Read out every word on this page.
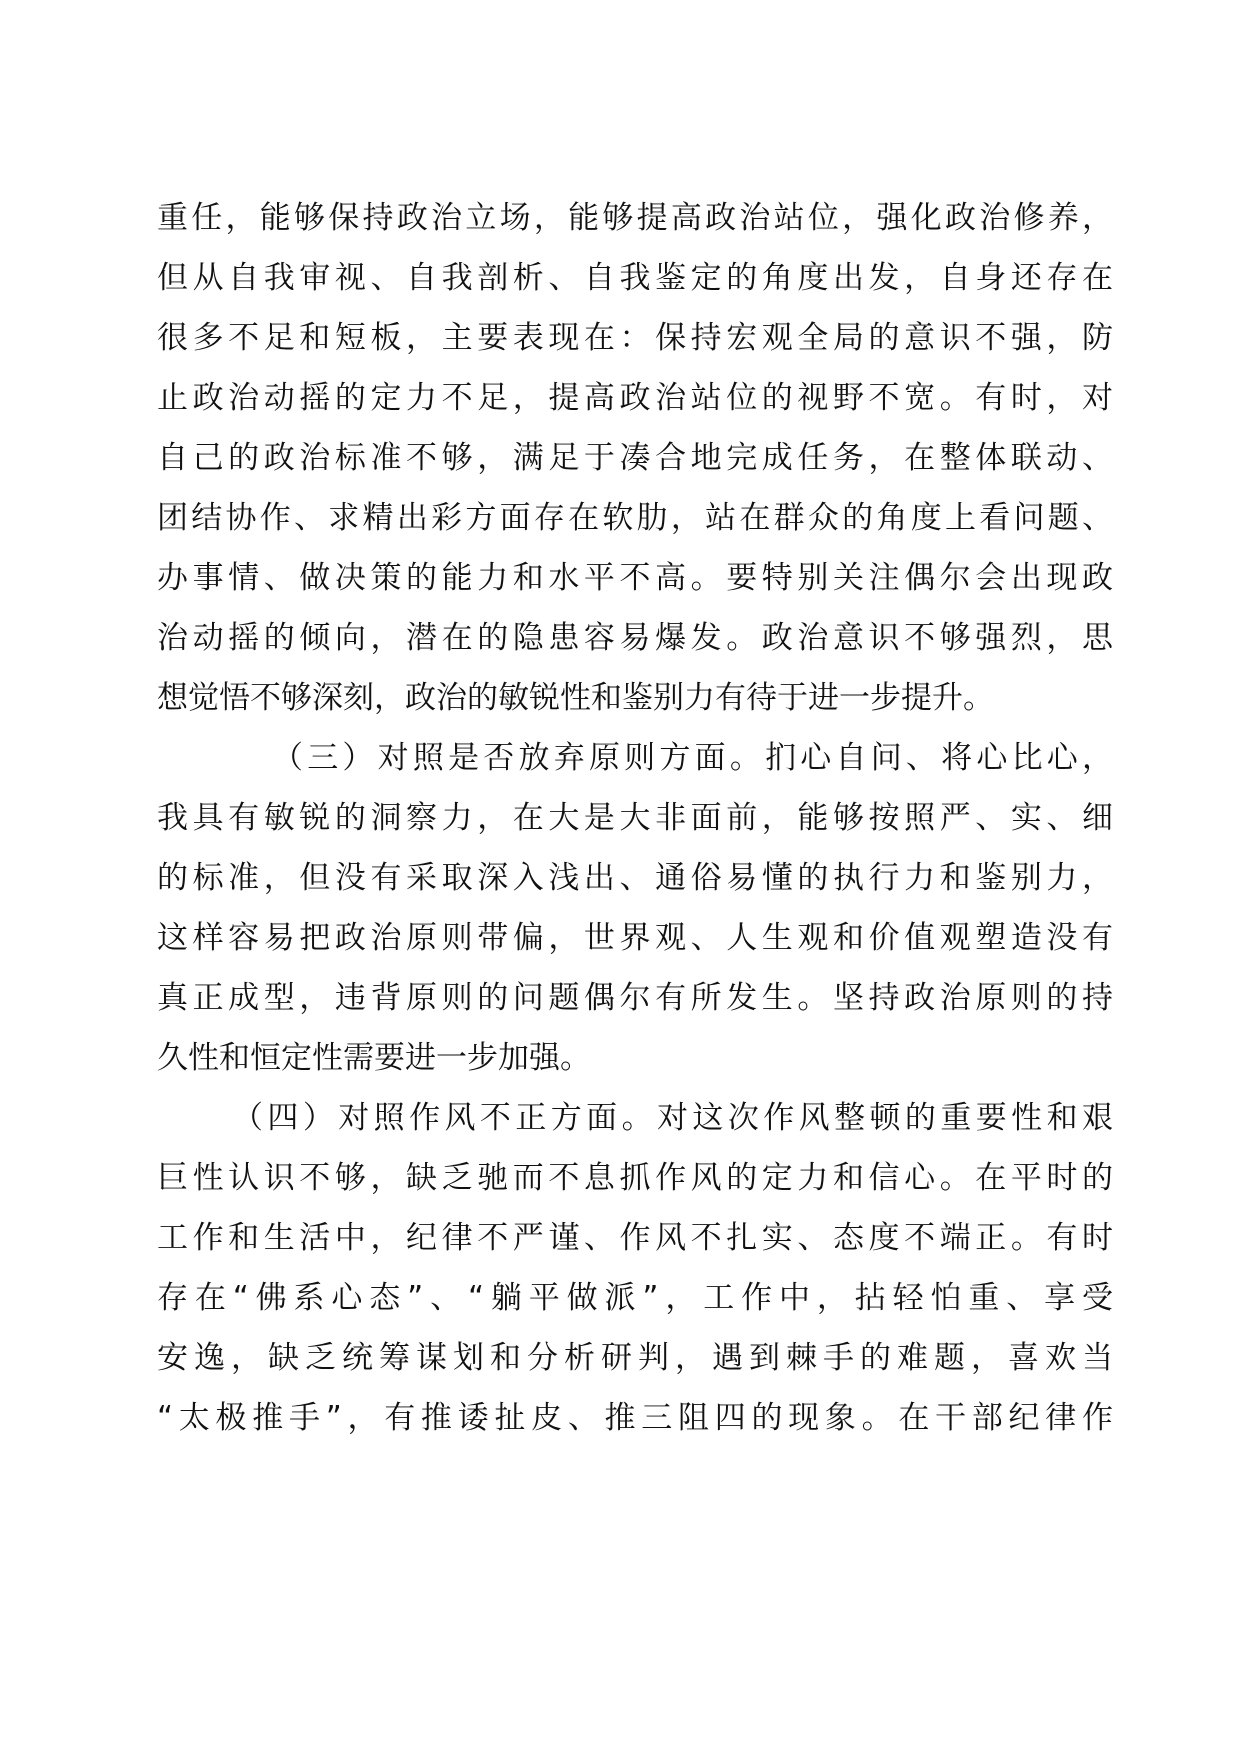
重任，能够保持政治立场，能够提高政治站位，强化政治修养，
但从自我审视、自我剖析、自我鉴定的角度出发，自身还存在
很多不足和短板，主要表现在：保持宏观全局的意识不强，防
止政治动摇的定力不足，提高政治站位的视野不宽。有时，对
自己的政治标准不够，满足于凑合地完成任务，在整体联动、
团结协作、求精出彩方面存在软肋，站在群众的角度上看问题、
办事情、做决策的能力和水平不高。要特别关注偶尔会出现政
治动摇的倾向，潜在的隐患容易爆发。政治意识不够强烈，思
想觉悟不够深刻，政治的敏锐性和鉴别力有待于进一步提升。
（三）对照是否放弃原则方面。扪心自问、将心比心，
我具有敏锐的洞察力，在大是大非面前，能够按照严、实、细
的标准，但没有采取深入浅出、通俗易懂的执行力和鉴别力，
这样容易把政治原则带偏，世界观、人生观和价值观塑造没有
真正成型，违背原则的问题偶尔有所发生。坚持政治原则的持
久性和恒定性需要进一步加强。
（四）对照作风不正方面。对这次作风整顿的重要性和艰
巨性认识不够，缺乏驰而不息抓作风的定力和信心。在平时的
工作和生活中，纪律不严谨、作风不扎实、态度不端正。有时
存在“佛系心态”、“躺平做派”，工作中，拈轻怕重、享受
安逸，缺乏统筹谋划和分析研判，遇到棘手的难题，喜欢当
“太极推手”，有推诿扯皮、推三阻四的现象。在干部纪律作
